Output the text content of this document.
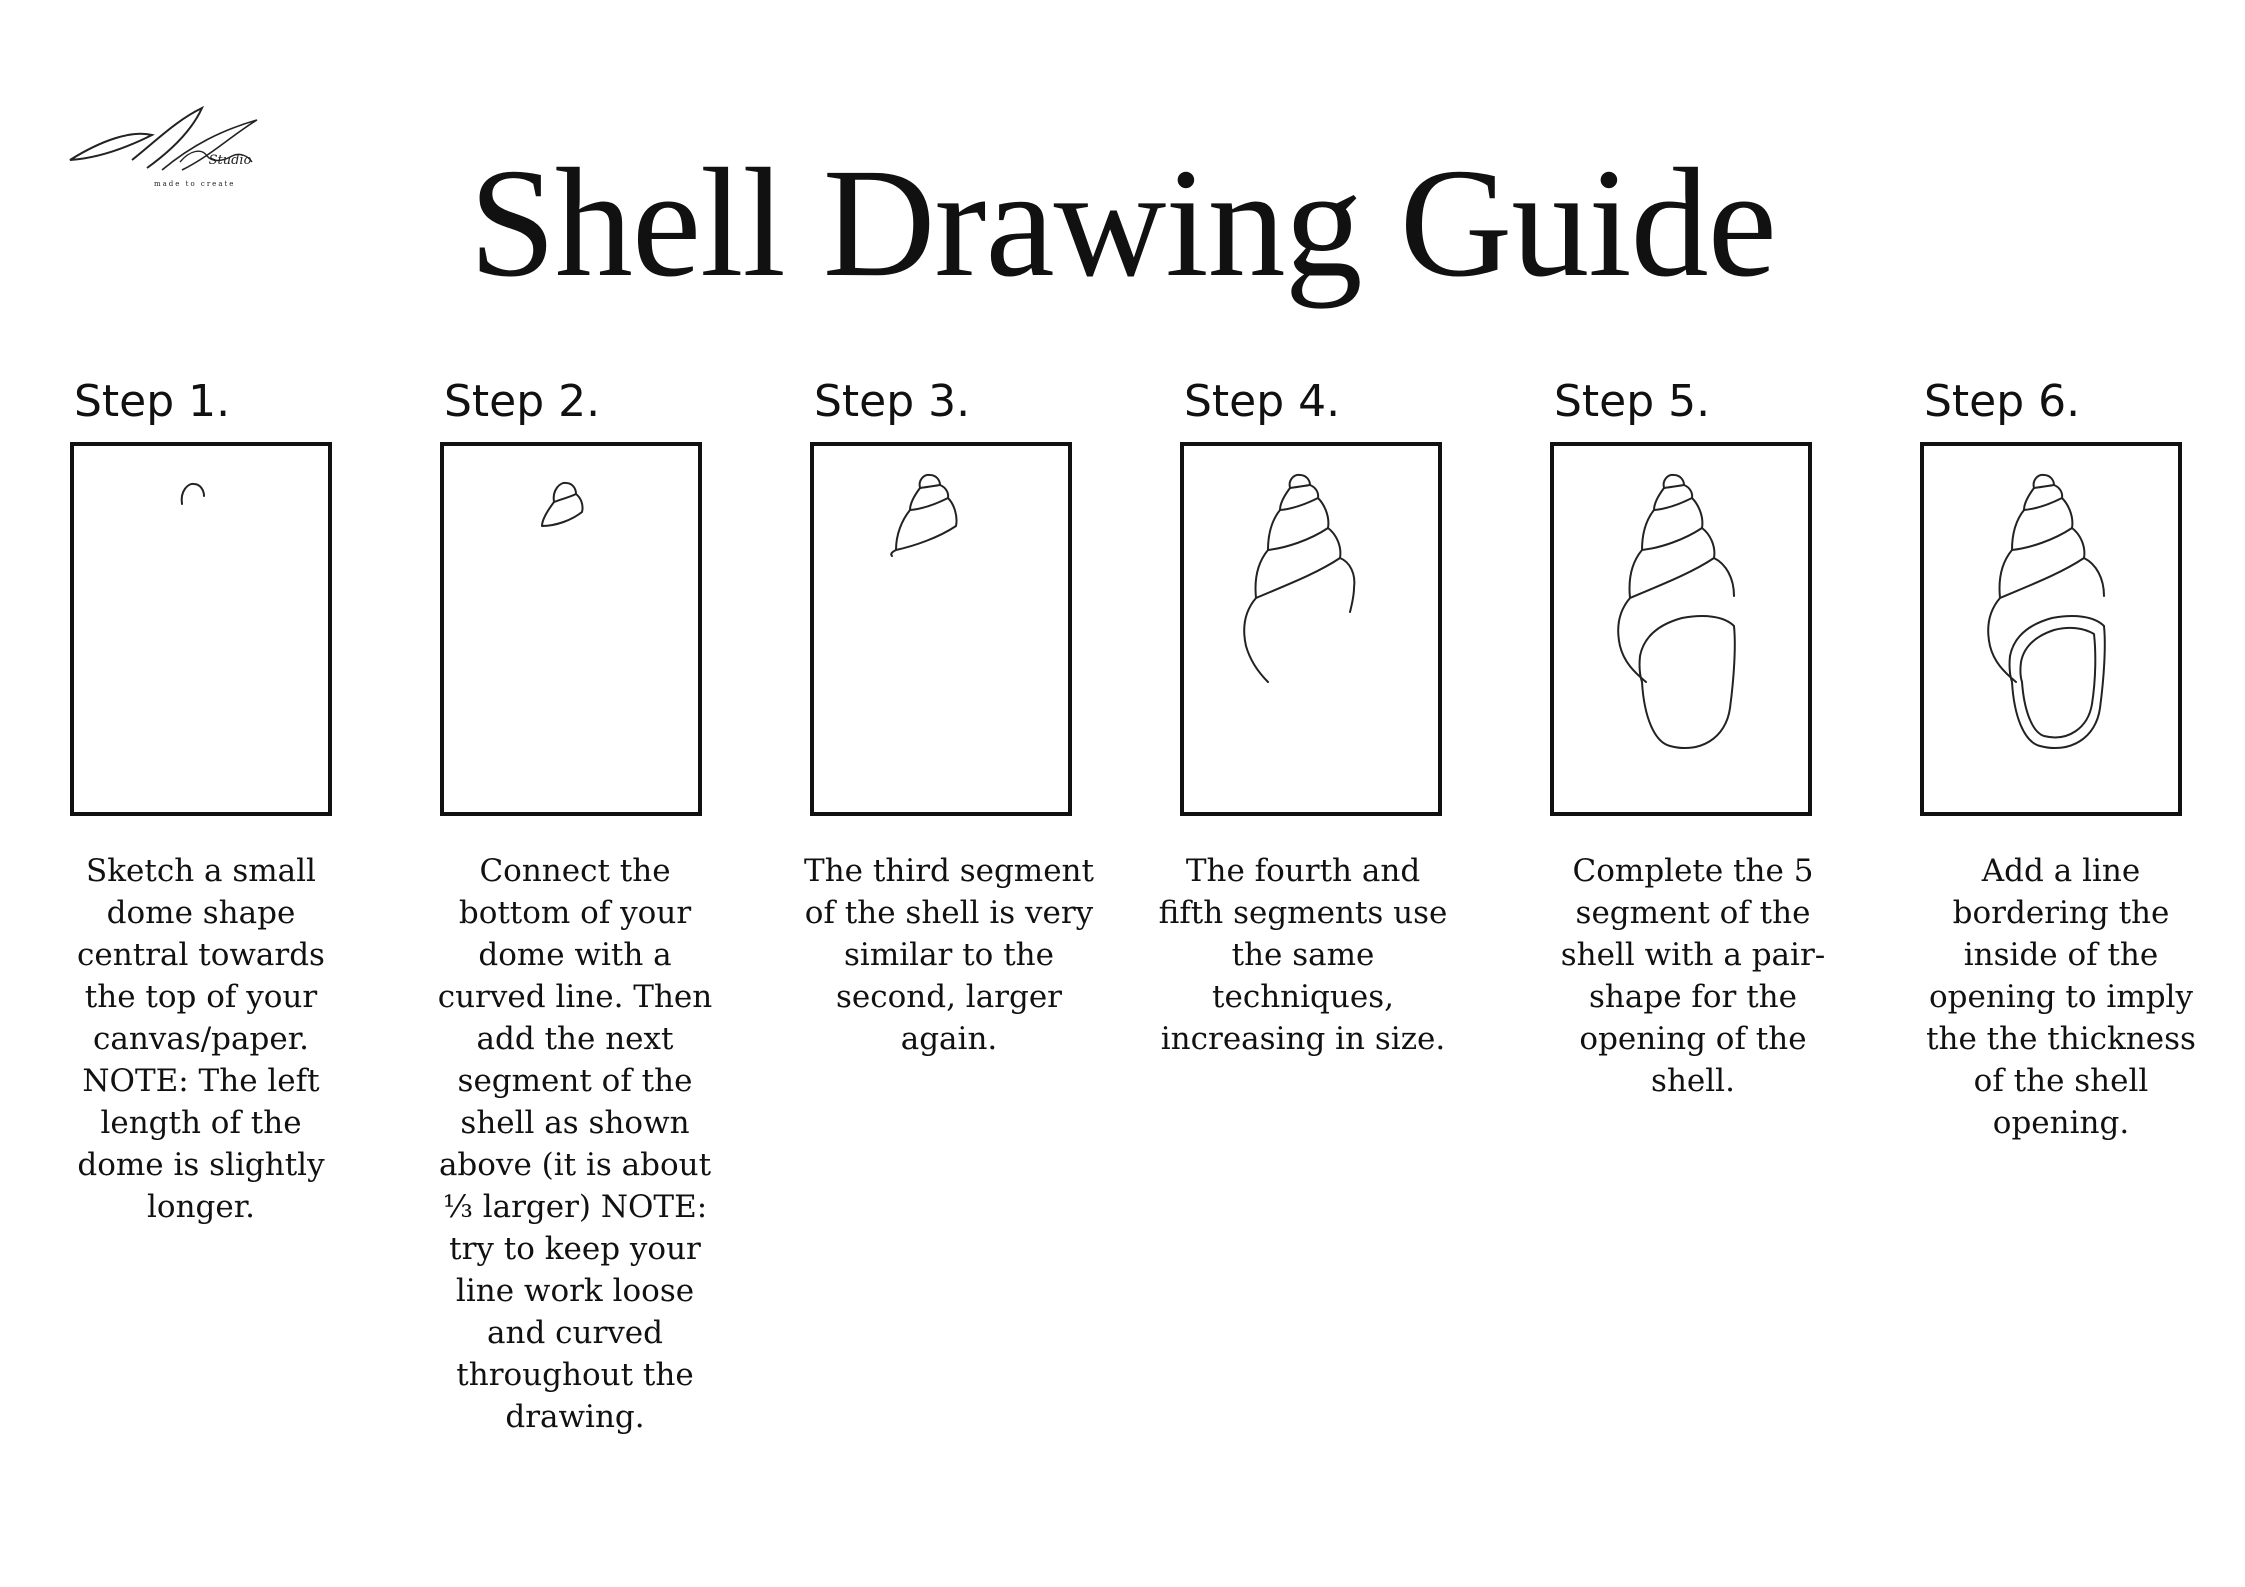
Studio
made to create	Shell Drawing Guide
Step 1.
Sketch a small dome shape central towards the top of your canvas/paper. NOTE: The left length of the dome is slightly longer.
Step 2.
Connect the bottom of your dome with a curved line. Then add the next segment of the shell as shown above (it is about ⅓ larger) NOTE: try to keep your line work loose and curved throughout the drawing.
Step 3.
The third segment of the shell is very similar to the second, larger again.
Step 4.
The fourth and fifth segments use the same techniques, increasing in size.
Step 5.
Complete the 5 segment of the shell with a pair-shape for the opening of the shell.
Step 6.
Add a line bordering the inside of the opening to imply the the thickness of the shell opening.
